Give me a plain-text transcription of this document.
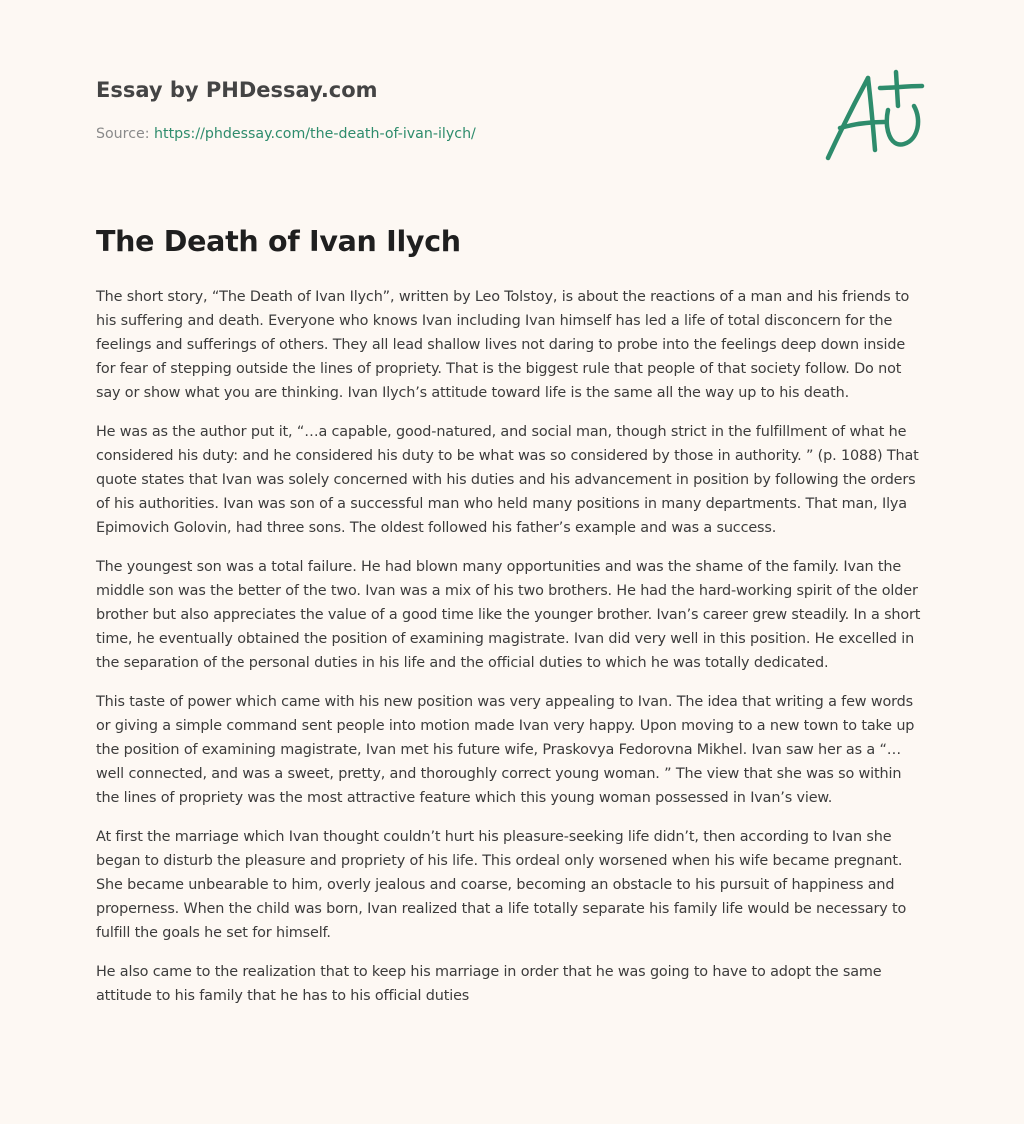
Essay by PHDessay.com
Source: https://phdessay.com/the-death-of-ivan-ilych/
The Death of Ivan Ilych

The short story, “The Death of Ivan Ilych”, written by Leo Tolstoy, is about the reactions of a man and his friends to his suffering and death. Everyone who knows Ivan including Ivan himself has led a life of total disconcern for the feelings and sufferings of others. They all lead shallow lives not daring to probe into the feelings deep down inside for fear of stepping outside the lines of propriety. That is the biggest rule that people of that society follow. Do not say or show what you are thinking. Ivan Ilych’s attitude toward life is the same all the way up to his death.

He was as the author put it, “…a capable, good-natured, and social man, though strict in the fulfillment of what he considered his duty: and he considered his duty to be what was so considered by those in authority. ” (p. 1088) That quote states that Ivan was solely concerned with his duties and his advancement in position by following the orders of his authorities. Ivan was son of a successful man who held many positions in many departments. That man, Ilya Epimovich Golovin, had three sons. The oldest followed his father’s example and was a success.

The youngest son was a total failure. He had blown many opportunities and was the shame of the family. Ivan the middle son was the better of the two. Ivan was a mix of his two brothers. He had the hard-working spirit of the older brother but also appreciates the value of a good time like the younger brother. Ivan’s career grew steadily. In a short time, he eventually obtained the position of examining magistrate. Ivan did very well in this position. He excelled in the separation of the personal duties in his life and the official duties to which he was totally dedicated.

This taste of power which came with his new position was very appealing to Ivan. The idea that writing a few words or giving a simple command sent people into motion made Ivan very happy. Upon moving to a new town to take up the position of examining magistrate, Ivan met his future wife, Praskovya Fedorovna Mikhel. Ivan saw her as a “…well connected, and was a sweet, pretty, and thoroughly correct young woman. ” The view that she was so within the lines of propriety was the most attractive feature which this young woman possessed in Ivan’s view.

At first the marriage which Ivan thought couldn’t hurt his pleasure-seeking life didn’t, then according to Ivan she began to disturb the pleasure and propriety of his life. This ordeal only worsened when his wife became pregnant. She became unbearable to him, overly jealous and coarse, becoming an obstacle to his pursuit of happiness and properness. When the child was born, Ivan realized that a life totally separate his family life would be necessary to fulfill the goals he set for himself.

He also came to the realization that to keep his marriage in order that he was going to have to adopt the same attitude to his family that he has to his official duties
